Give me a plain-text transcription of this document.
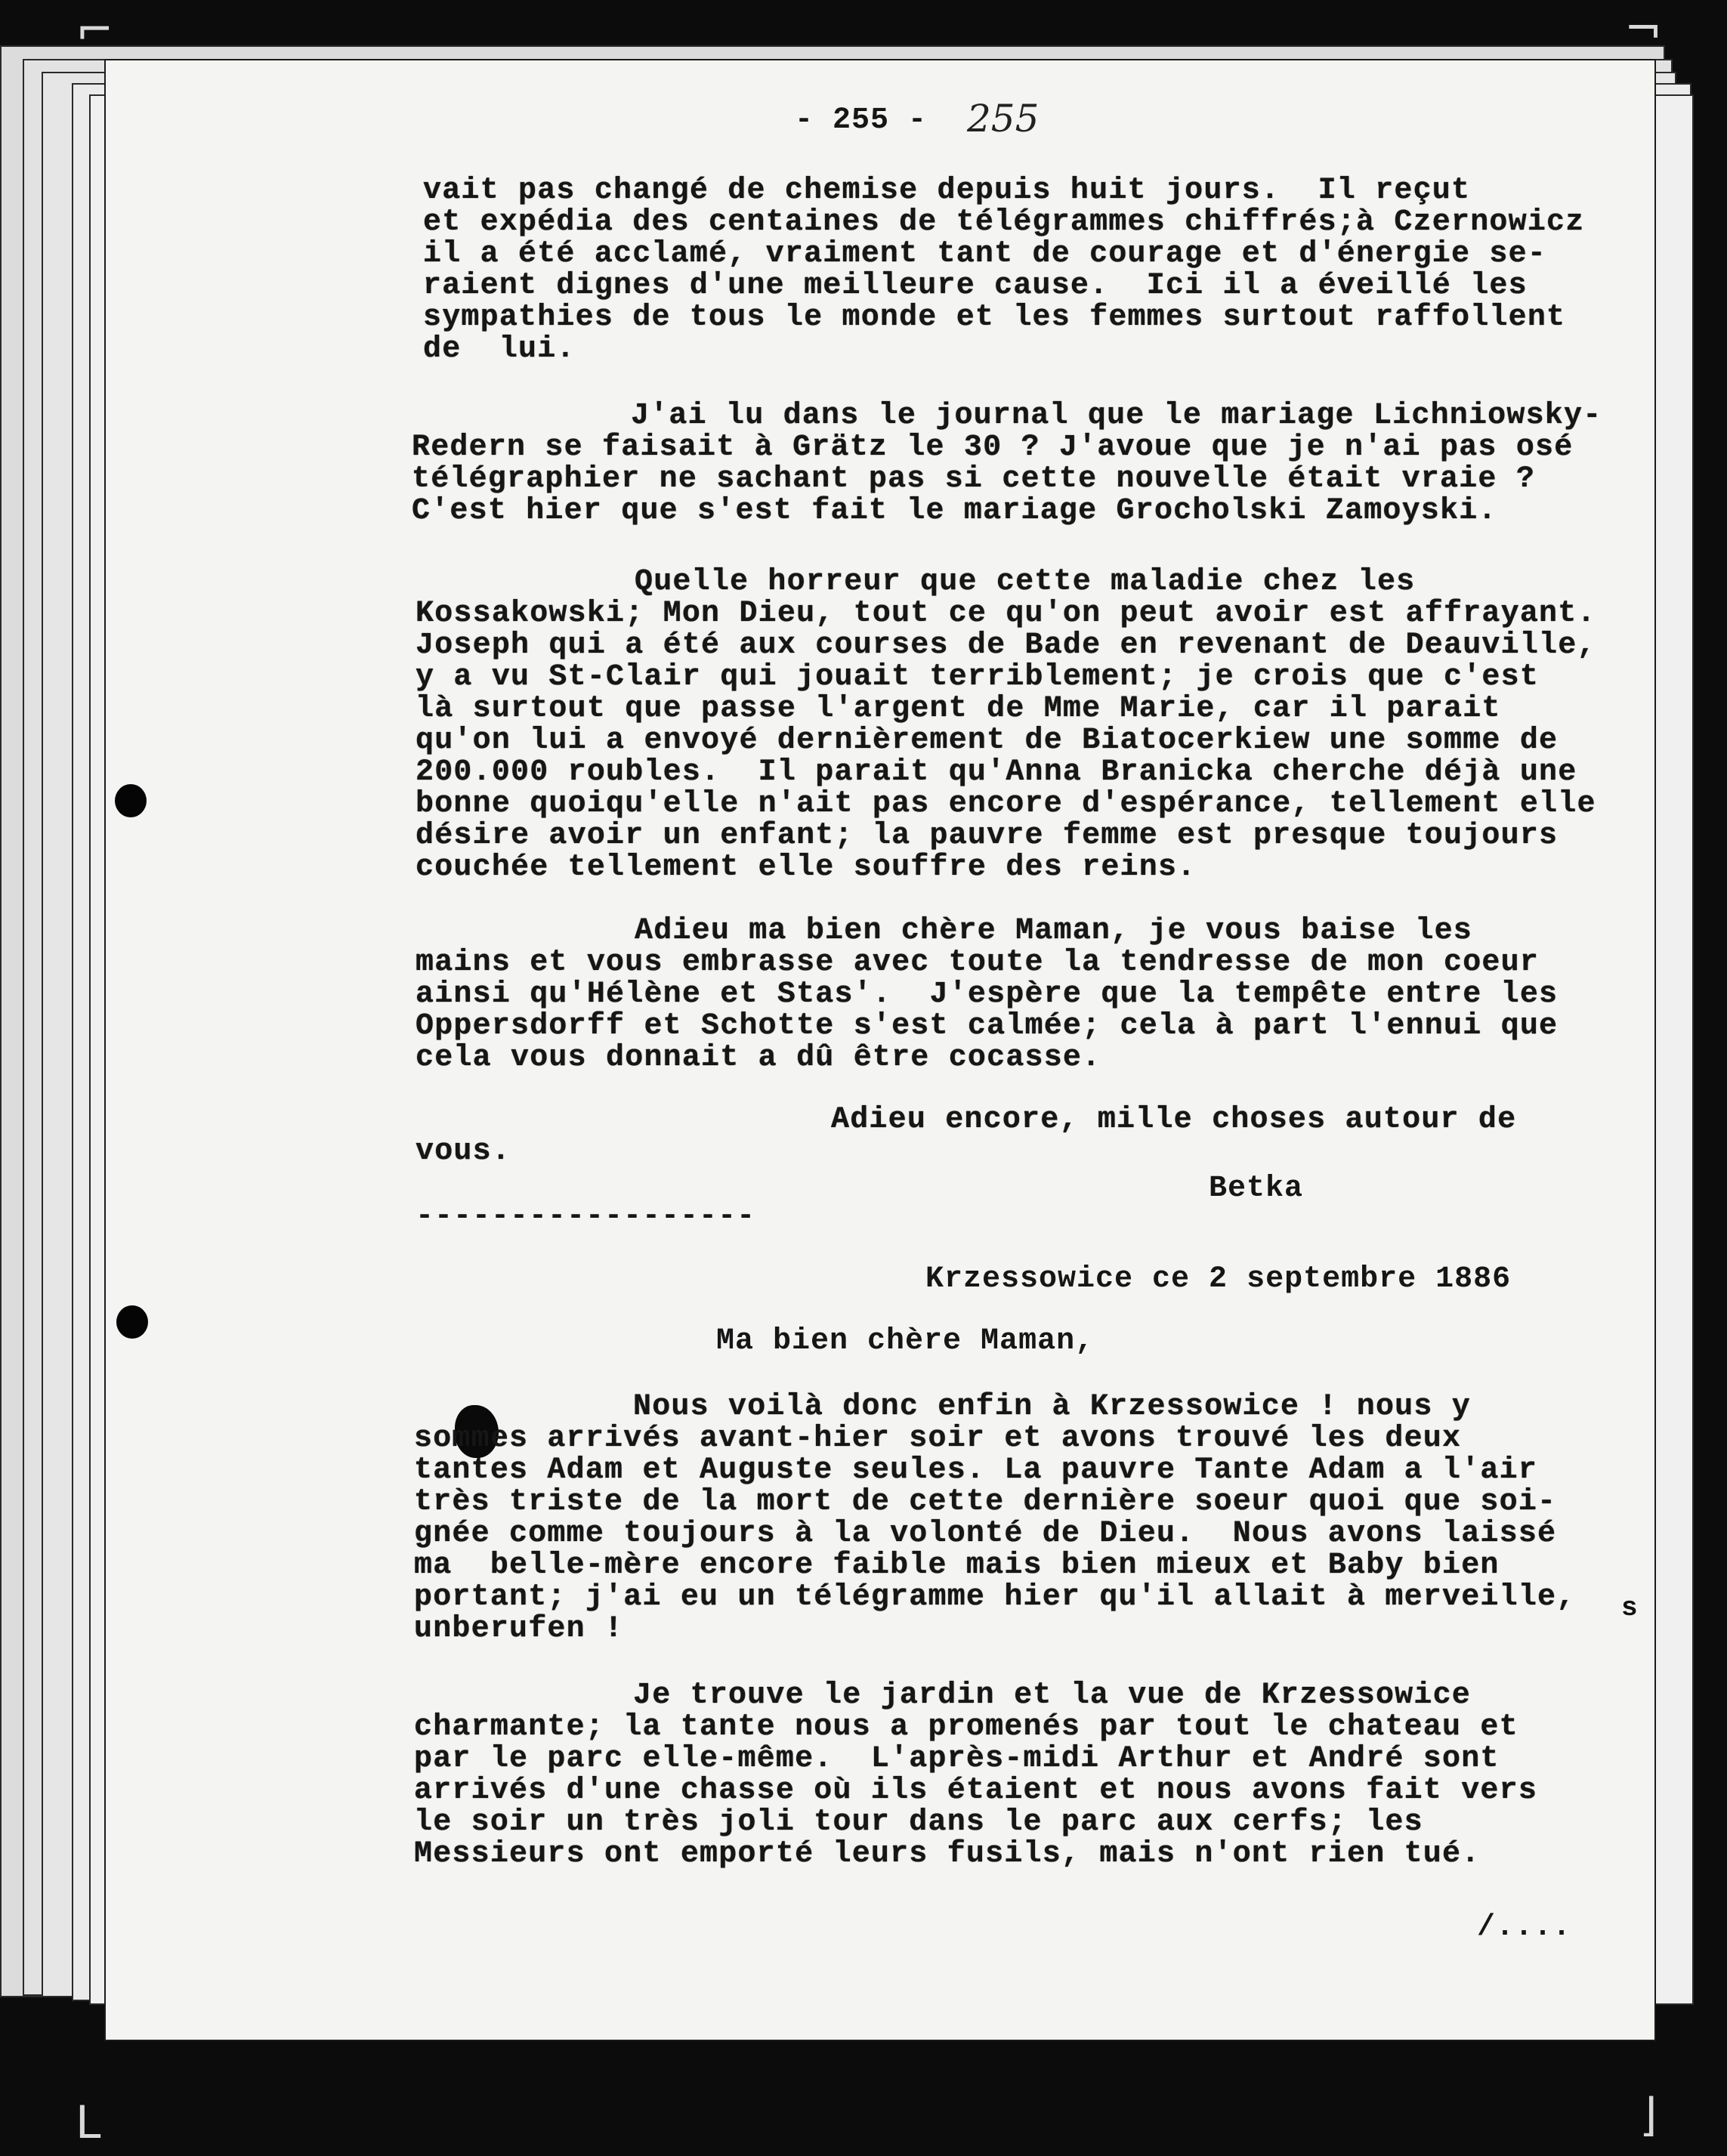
⌐	¬
L	⌋
- 255 - 255
vait pas changé de chemise depuis huit jours.  Il reçut
et expédia des centaines de télégrammes chiffrés;à Czernowicz
il a été acclamé, vraiment tant de courage et d'énergie se-
raient dignes d'une meilleure cause.  Ici il a éveillé les
sympathies de tous le monde et les femmes surtout raffollent
de  lui.
J'ai lu dans le journal que le mariage Lichniowsky-
Redern se faisait à Grätz le 30 ? J'avoue que je n'ai pas osé
télégraphier ne sachant pas si cette nouvelle était vraie ?
C'est hier que s'est fait le mariage Grocholski Zamoyski.
Quelle horreur que cette maladie chez les
Kossakowski; Mon Dieu, tout ce qu'on peut avoir est affrayant.
Joseph qui a été aux courses de Bade en revenant de Deauville,
y a vu St-Clair qui jouait terriblement; je crois que c'est
là surtout que passe l'argent de Mme Marie, car il parait
qu'on lui a envoyé dernièrement de Biatocerkiew une somme de
200.000 roubles.  Il parait qu'Anna Branicka cherche déjà une
bonne quoiqu'elle n'ait pas encore d'espérance, tellement elle
désire avoir un enfant; la pauvre femme est presque toujours
couchée tellement elle souffre des reins.
Adieu ma bien chère Maman, je vous baise les
mains et vous embrasse avec toute la tendresse de mon coeur
ainsi qu'Hélène et Stas'.  J'espère que la tempête entre les
Oppersdorff et Schotte s'est calmée; cela à part l'ennui que
cela vous donnait a dû être cocasse.
Adieu encore, mille choses autour de
vous.
Betka
------------------
Krzessowice ce 2 septembre 1886
Ma bien chère Maman,
Nous voilà donc enfin à Krzessowice ! nous y
sommes arrivés avant-hier soir et avons trouvé les deux
tantes Adam et Auguste seules. La pauvre Tante Adam a l'air
très triste de la mort de cette dernière soeur quoi que soi-
gnée comme toujours à la volonté de Dieu.  Nous avons laissé
ma  belle-mère encore faible mais bien mieux et Baby bien
portant; j'ai eu un télégramme hier qu'il allait à merveille,
unberufen !
Je trouve le jardin et la vue de Krzessowice
charmante; la tante nous a promenés par tout le chateau et
par le parc elle-même.  L'après-midi Arthur et André sont
arrivés d'une chasse où ils étaient et nous avons fait vers
le soir un très joli tour dans le parc aux cerfs; les
Messieurs ont emporté leurs fusils, mais n'ont rien tué.
/....
s
